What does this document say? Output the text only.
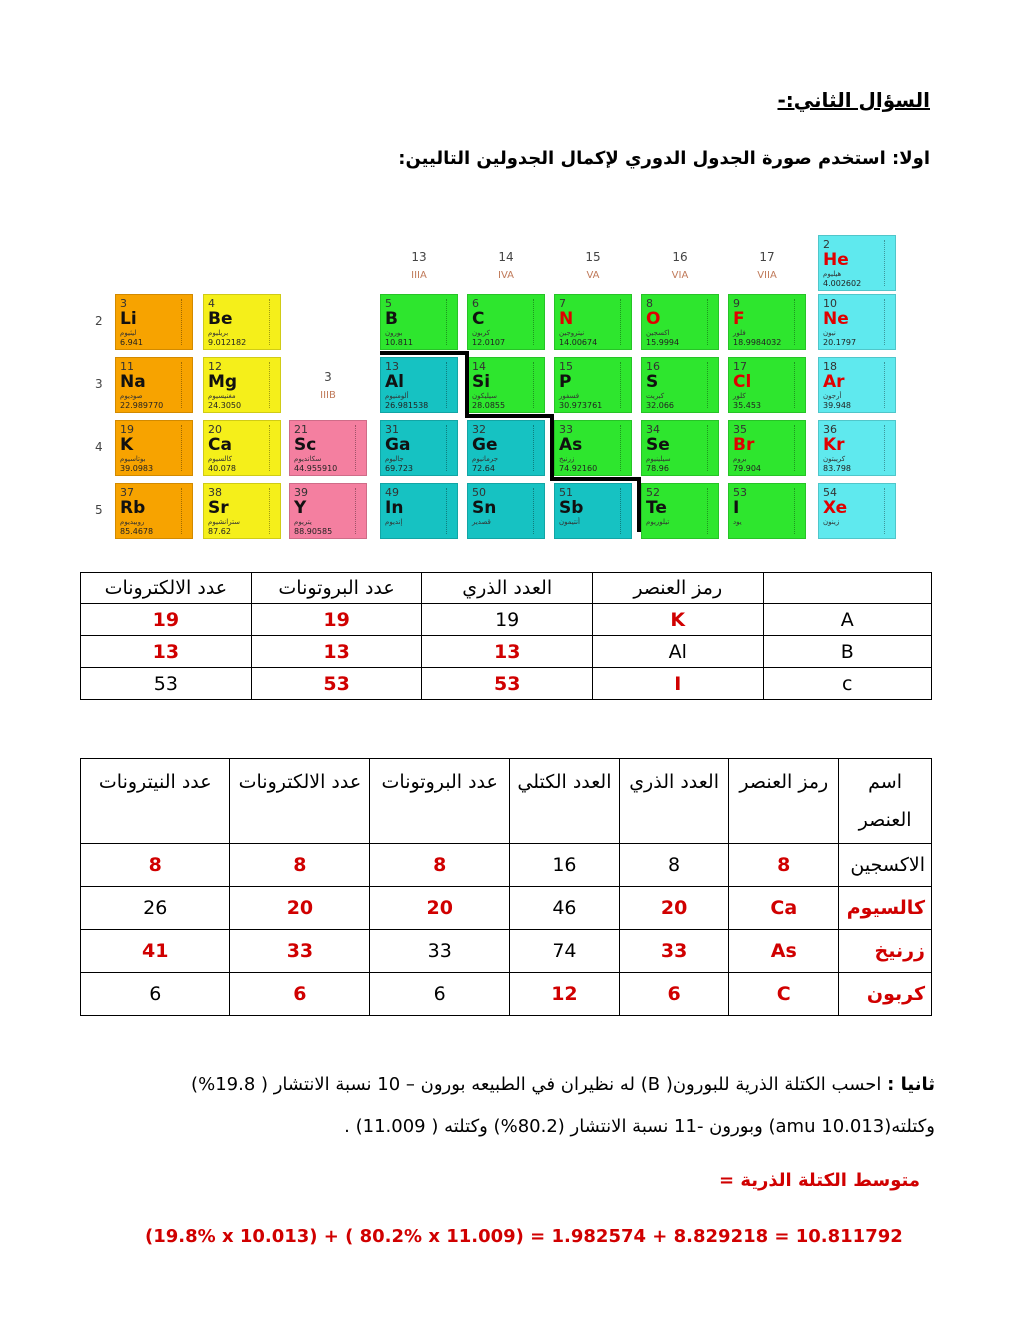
السؤال الثاني:-
اولا: استخدم صورة الجدول الدوري لإكمال الجدولين التاليين:
13
IIIA
14
IVA
15
VA
16
VIA
17
VIIA
3
IIIB
2
3
4
5
2
He
هيليوم
4.002602
3
Li
ليثيوم
6.941
4
Be
بريليوم
9.012182
5
B
بورون
10.811
6
C
كربون
12.0107
7
N
نيتروجين
14.00674
8
O
اكسجين
15.9994
9
F
فلور
18.9984032
10
Ne
نيون
20.1797
11
Na
صوديوم
22.989770
12
Mg
مغنيسيوم
24.3050
13
Al
ألومنيوم
26.981538
14
Si
سيليكون
28.0855
15
P
فسفور
30.973761
16
S
كبريت
32.066
17
Cl
كلور
35.453
18
Ar
أرجون
39.948
19
K
بوتاسيوم
39.0983
20
Ca
كالسيوم
40.078
21
Sc
سكانديوم
44.955910
31
Ga
جاليوم
69.723
32
Ge
جرمانيوم
72.64
33
As
زرنيخ
74.92160
34
Se
سيلينيوم
78.96
35
Br
بروم
79.904
36
Kr
كريبتون
83.798
37
Rb
روبيديوم
85.4678
38
Sr
سترانشيوم
87.62
39
Y
يتريوم
88.90585
49
In
إنديوم
50
Sn
قصدير
51
Sb
أنتيمون
52
Te
تيلوريوم
53
I
يود
54
Xe
زينون
	رمز العنصر	العدد الذري	عدد البروتونات	عدد الالكترونات
A	K	19	19	19
B	Al	13	13	13
c	I	53	53	53
اسم العنصر	رمز العنصر	العدد الذري	العدد الكتلي	عدد البروتونات	عدد الالكترونات	عدد النيترونات
الاكسجين	8	8	16	8	8	8
كالسيوم	Ca	20	46	20	20	26
زرنيخ	As	33	74	33	33	41
كربون	C	6	12	6	6	6
ثانيا : احسب الكتلة الذرية للبورون( B) له نظيران في الطبيعه بورون – 10 نسبة الانتشار ( 19.8%)
وكتلته(10.013 amu) وبورون -11 نسبة الانتشار (80.2%) وكتلته ( 11.009) .
متوسط الكتلة الذرية =
(19.8% x 10.013) + ( 80.2% x 11.009) = 1.982574 + 8.829218 = 10.811792
